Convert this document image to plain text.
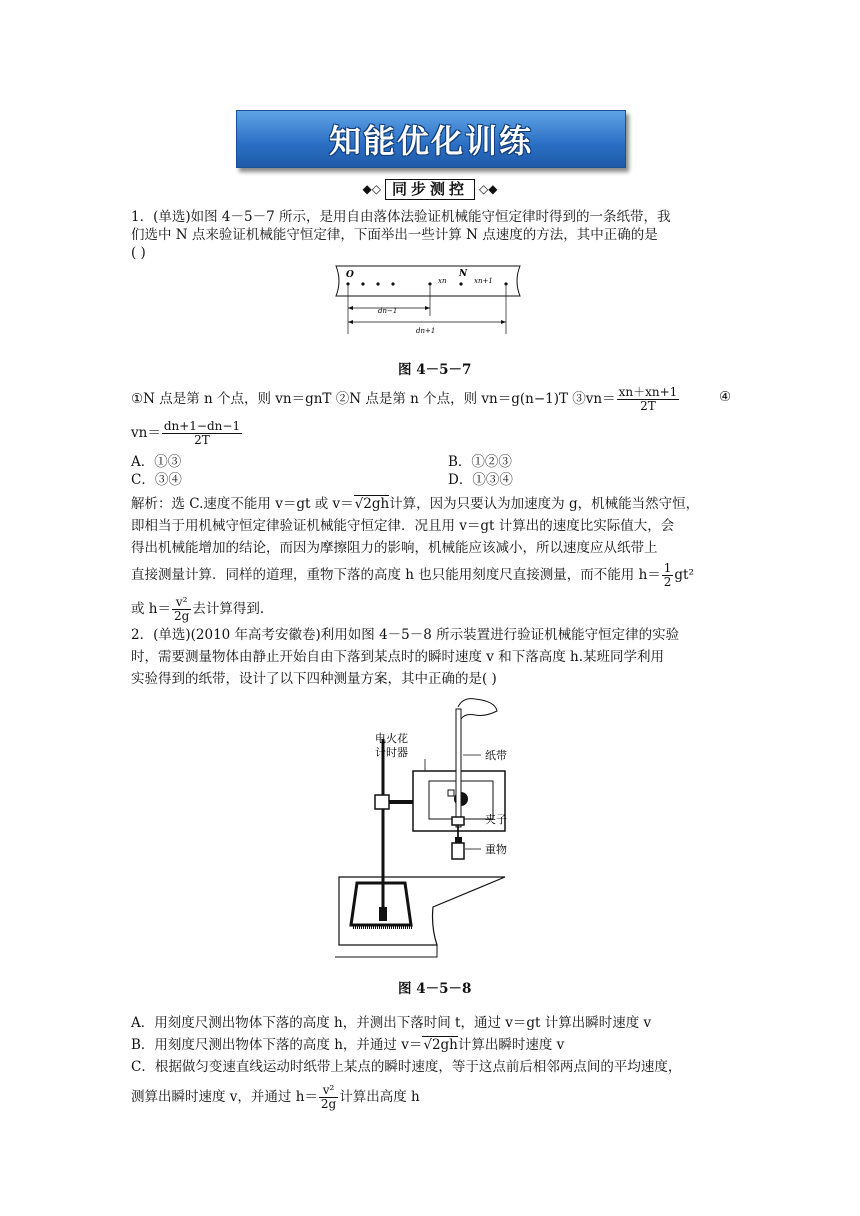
知能优化训练
◆◇ 同步测控 ◇◆
1．(单选)如图 4－5－7 所示，是用自由落体法验证机械能守恒定律时得到的一条纸带，我
们选中 N 点来验证机械能守恒定律，下面举出一些计算 N 点速度的方法，其中正确的是
( )
O	N
xn	xn+1
dn−1
dn+1
图 4－5－7
①N 点是第 n 个点，则 vn＝gnT ②N 点是第 n 个点，则 vn＝g(n−1)T ③vn＝ $\frac{xn+xn+1}{2T}$	④
$vn= \frac{dn+1-dn-1}{2T}$
A．①③	B．①②③
C．③④	D．①③④
解析：选 C.速度不能用 v＝gt 或 v＝√2gh计算，因为只要认为加速度为 g，机械能当然守恒，
即相当于用机械守恒定律验证机械能守恒定律．况且用 v＝gt 计算出的速度比实际值大，会
得出机械能增加的结论，而因为摩擦阻力的影响，机械能应该减小，所以速度应从纸带上
直接测量计算．同样的道理，重物下落的高度 h 也只能用刻度尺直接测量，而不能用 $h= \frac{1}{2} gt^2$
或 $h= \frac{\text{v²}}{2g}$ 去计算得到.
2．(单选)(2010 年高考安徽卷)利用如图 4－5－8 所示装置进行验证机械能守恒定律的实验
时，需要测量物体由静止开始自由下落到某点时的瞬时速度 v 和下落高度 h.某班同学利用
实验得到的纸带，设计了以下四种测量方案，其中正确的是( )
电火花
计时器	纸带
夹子
重物
图 4－5－8
A．用刻度尺测出物体下落的高度 h，并测出下落时间 t，通过 v＝gt 计算出瞬时速度 v
B．用刻度尺测出物体下落的高度 h，并通过 v＝√2gh计算出瞬时速度 v
C．根据做匀变速直线运动时纸带上某点的瞬时速度，等于这点前后相邻两点间的平均速度，
测算出瞬时速度 v，并通过 $h= \frac{\text{v²}}{2g}$ 计算出高度 h
